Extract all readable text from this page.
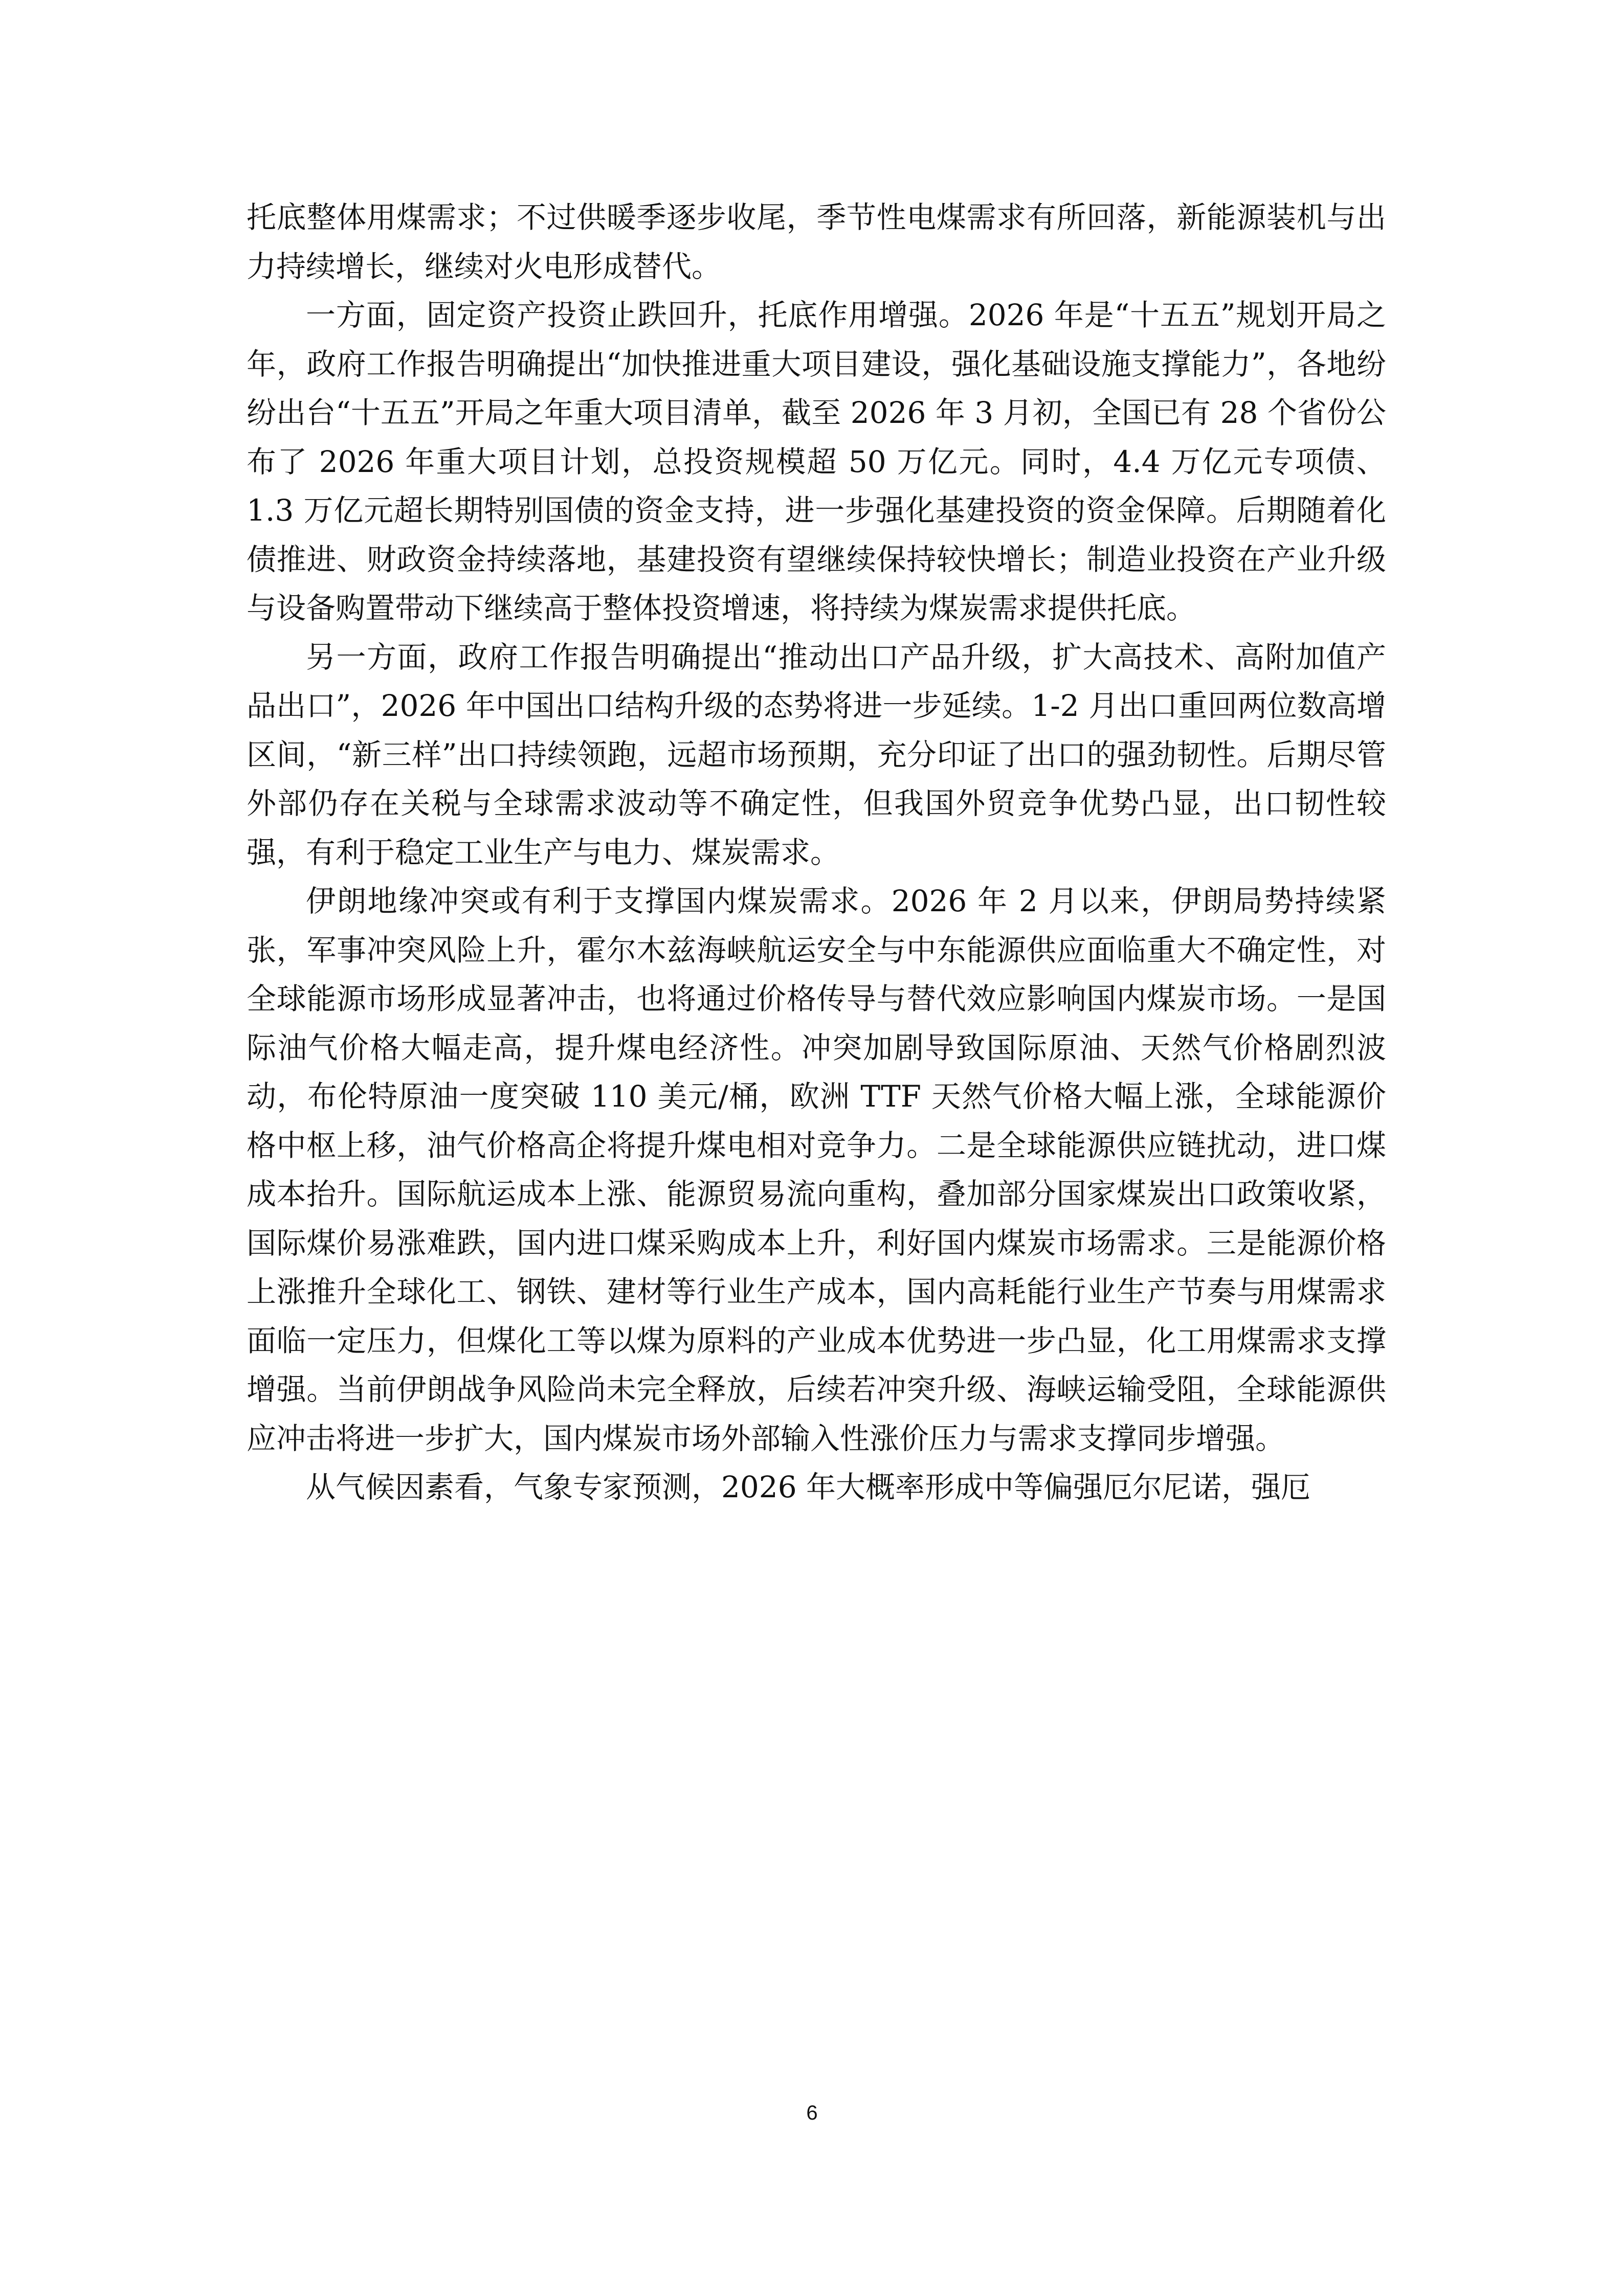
托底整体用煤需求；不过供暖季逐步收尾，季节性电煤需求有所回落，新能源装机与出力持续增长，继续对火电形成替代。

一方面，固定资产投资止跌回升，托底作用增强。2026 年是“十五五”规划开局之年，政府工作报告明确提出“加快推进重大项目建设，强化基础设施支撑能力”，各地纷纷出台“十五五”开局之年重大项目清单，截至 2026 年 3 月初，全国已有 28 个省份公布了 2026 年重大项目计划，总投资规模超 50 万亿元。同时，4.4 万亿元专项债、1.3 万亿元超长期特别国债的资金支持，进一步强化基建投资的资金保障。后期随着化债推进、财政资金持续落地，基建投资有望继续保持较快增长；制造业投资在产业升级与设备购置带动下继续高于整体投资增速，将持续为煤炭需求提供托底。

另一方面，政府工作报告明确提出“推动出口产品升级，扩大高技术、高附加值产品出口”，2026 年中国出口结构升级的态势将进一步延续。1-2 月出口重回两位数高增区间，“新三样”出口持续领跑，远超市场预期，充分印证了出口的强劲韧性。后期尽管外部仍存在关税与全球需求波动等不确定性，但我国外贸竞争优势凸显，出口韧性较强，有利于稳定工业生产与电力、煤炭需求。

伊朗地缘冲突或有利于支撑国内煤炭需求。2026 年 2 月以来，伊朗局势持续紧张，军事冲突风险上升，霍尔木兹海峡航运安全与中东能源供应面临重大不确定性，对全球能源市场形成显著冲击，也将通过价格传导与替代效应影响国内煤炭市场。一是国际油气价格大幅走高，提升煤电经济性。冲突加剧导致国际原油、天然气价格剧烈波动，布伦特原油一度突破 110 美元/桶，欧洲 TTF 天然气价格大幅上涨，全球能源价格中枢上移，油气价格高企将提升煤电相对竞争力。二是全球能源供应链扰动，进口煤成本抬升。国际航运成本上涨、能源贸易流向重构，叠加部分国家煤炭出口政策收紧，国际煤价易涨难跌，国内进口煤采购成本上升，利好国内煤炭市场需求。三是能源价格上涨推升全球化工、钢铁、建材等行业生产成本，国内高耗能行业生产节奏与用煤需求面临一定压力，但煤化工等以煤为原料的产业成本优势进一步凸显，化工用煤需求支撑增强。当前伊朗战争风险尚未完全释放，后续若冲突升级、海峡运输受阻，全球能源供应冲击将进一步扩大，国内煤炭市场外部输入性涨价压力与需求支撑同步增强。

从气候因素看，气象专家预测，2026 年大概率形成中等偏强厄尔尼诺，强厄

6
